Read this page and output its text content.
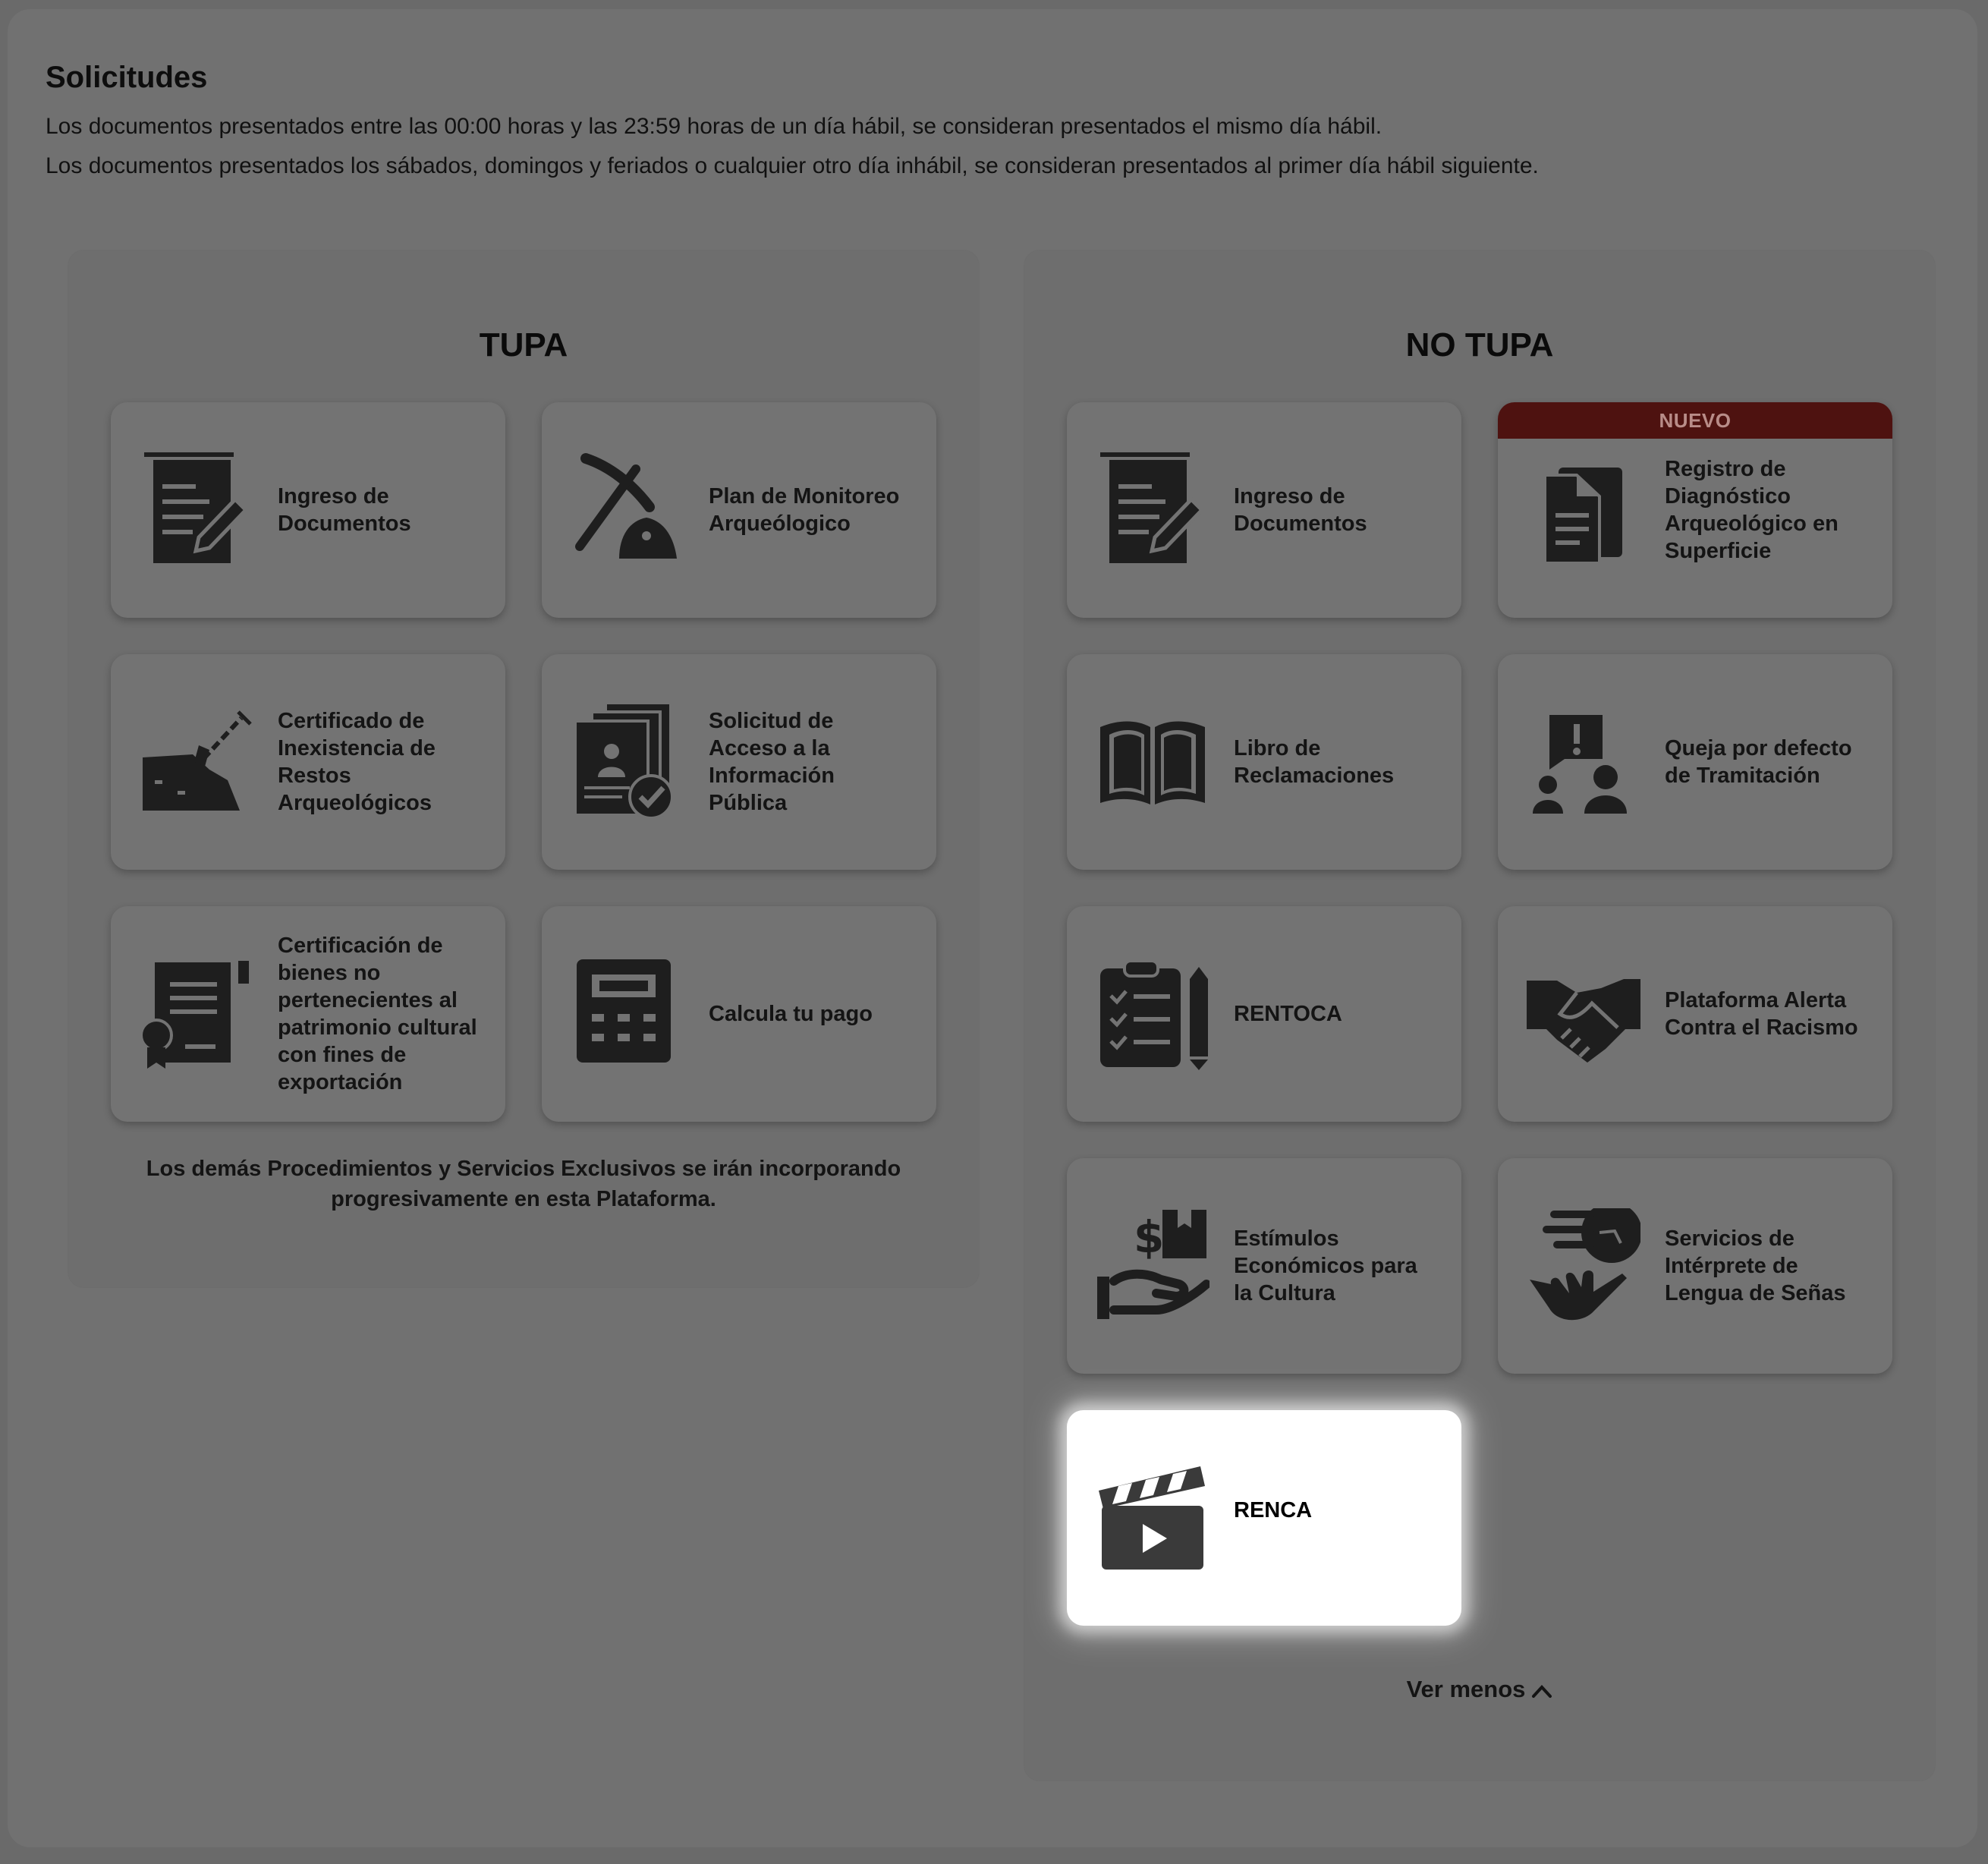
Solicitudes

Los documentos presentados entre las 00:00 horas y las 23:59 horas de un día hábil, se consideran presentados el mismo día hábil.

Los documentos presentados los sábados, domingos y feriados o cualquier otro día inhábil, se consideran presentados al primer día hábil siguiente.

TUPA
Ingreso de Documentos
Plan de Monitoreo Arqueólogico
Certificado de Inexistencia de Restos Arqueológicos
Solicitud de Acceso a la Información Pública
Certificación de bienes no pertenecientes al patrimonio cultural con fines de exportación
Calcula tu pago

Los demás Procedimientos y Servicios Exclusivos se irán incorporando progresivamente en esta Plataforma.

NO TUPA
Ingreso de Documentos
NUEVO
Registro de Diagnóstico Arqueológico en Superficie
Libro de Reclamaciones
Queja por defecto de Tramitación
RENTOCA
Plataforma Alerta Contra el Racismo
$	Estímulos Económicos para la Cultura
Servicios de Intérprete de Lengua de Señas
RENCA
Ver menos
